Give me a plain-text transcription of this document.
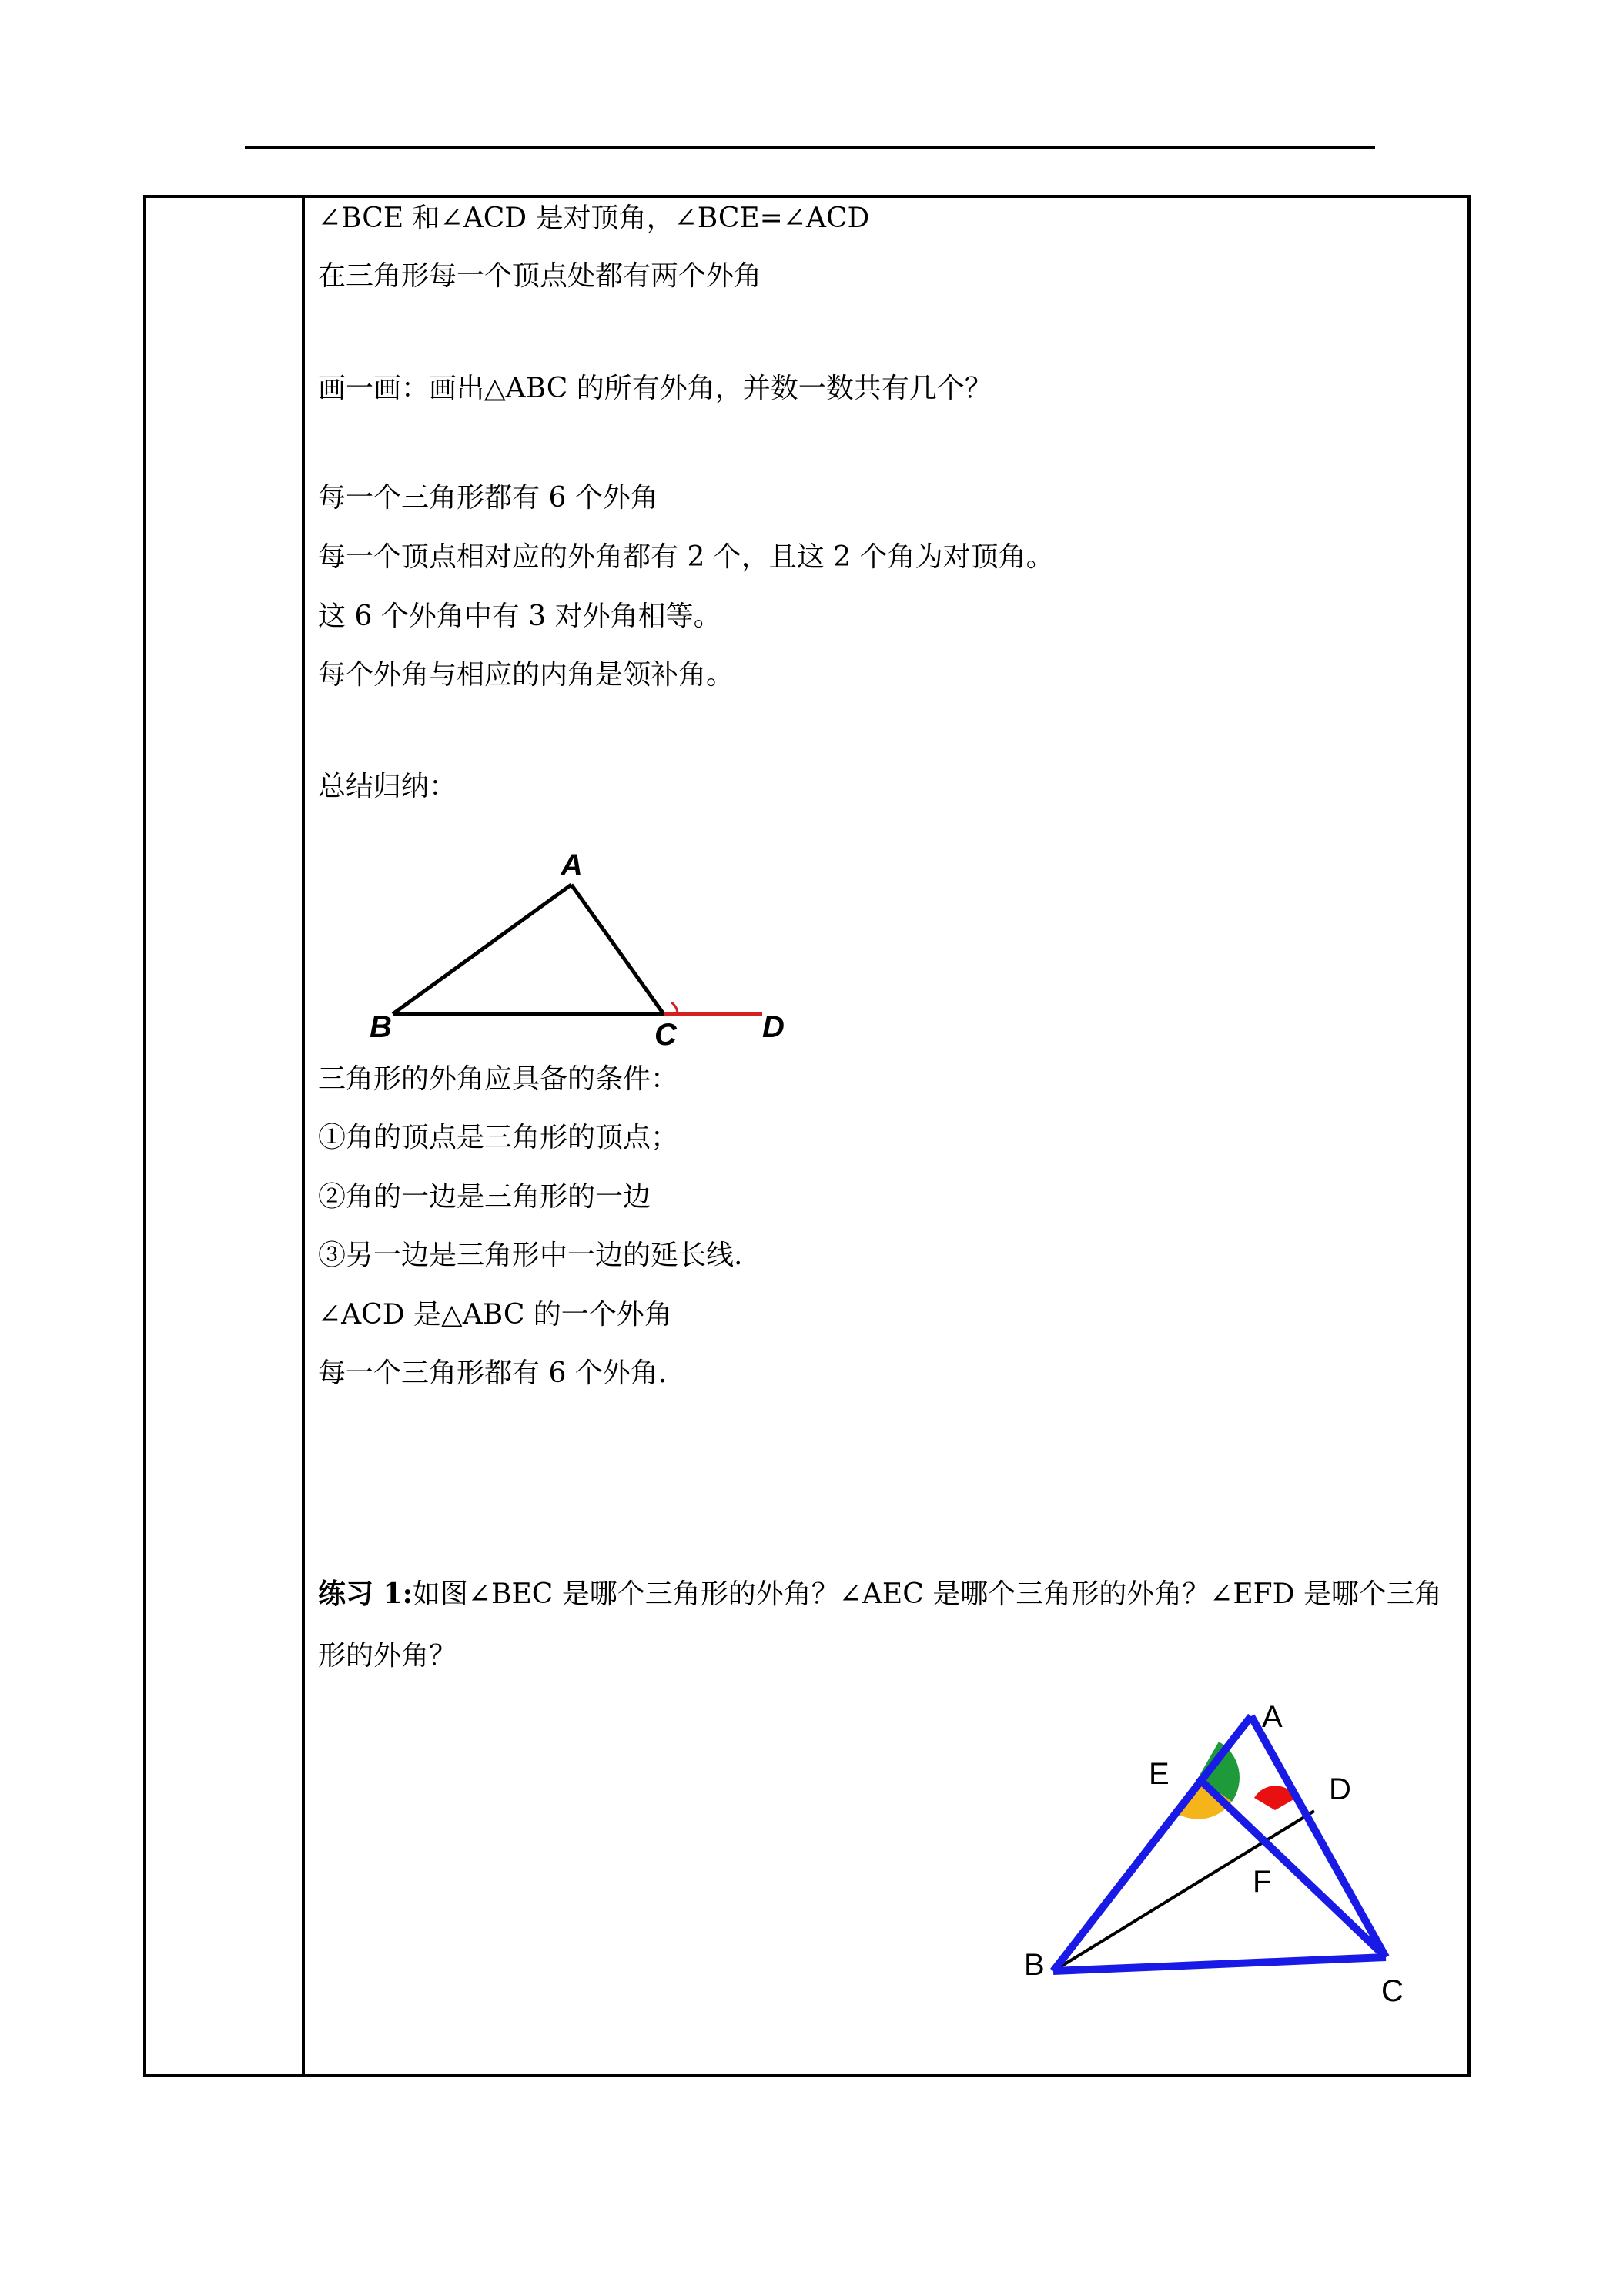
∠BCE 和∠ACD 是对顶角，∠BCE=∠ACD
在三角形每一个顶点处都有两个外角
画一画：画出△ABC 的所有外角，并数一数共有几个？
每一个三角形都有 6 个外角
每一个顶点相对应的外角都有 2 个，且这 2 个角为对顶角。
这 6 个外角中有 3 对外角相等。
每个外角与相应的内角是领补角。
总结归纳：
A
B	C	D
三角形的外角应具备的条件：
①角的顶点是三角形的顶点；
②角的一边是三角形的一边
③另一边是三角形中一边的延长线.
∠ACD 是△ABC 的一个外角
每一个三角形都有 6 个外角.
练习 1:如图∠BEC 是哪个三角形的外角？∠AEC 是哪个三角形的外角？∠EFD 是哪个三角形的外角？
A
E	D
F
B
C
